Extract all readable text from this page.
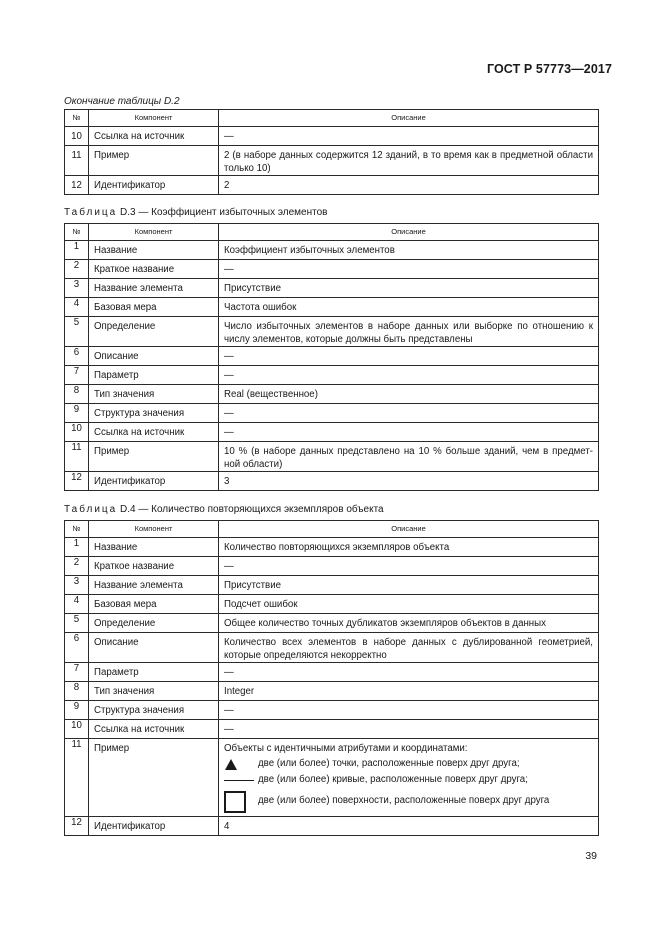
ГОСТ Р 57773—2017
Окончание таблицы D.2
№	Компонент	Описание
10	Ссылка на источник	—
11	Пример	2 (в наборе данных содержится 12 зданий, в то время как в предметной области только 10)
12	Идентификатор	2
Таблица D.3 — Коэффициент избыточных элементов
№	Компонент	Описание
1	Название	Коэффициент избыточных элементов
2	Краткое название	—
3	Название элемента	Присутствие
4	Базовая мера	Частота ошибок
5	Определение	Число избыточных элементов в наборе данных или выборке по отношению к числу элементов, которые должны быть представлены
6	Описание	—
7	Параметр	—
8	Тип значения	Real (вещественное)
9	Структура значения	—
10	Ссылка на источник	—
11	Пример	10 % (в наборе данных представлено на 10 % больше зданий, чем в предмет-ной области)
12	Идентификатор	3
Таблица D.4 — Количество повторяющихся экземпляров объекта
№	Компонент	Описание
1	Название	Количество повторяющихся экземпляров объекта
2	Краткое название	—
3	Название элемента	Присутствие
4	Базовая мера	Подсчет ошибок
5	Определение	Общее количество точных дубликатов экземпляров объектов в данных
6	Описание	Количество всех элементов в наборе данных с дублированной геометрией, которые определяются некорректно
7	Параметр	—
8	Тип значения	Integer
9	Структура значения	—
10	Ссылка на источник	—
11	Пример	Объекты с идентичными атрибутами и координатами:
две (или более) точки, расположенные поверх друг друга;
две (или более) кривые, расположенные поверх друг друга;
две (или более) поверхности, расположенные поверх друг друга

12	Идентификатор	4
39
